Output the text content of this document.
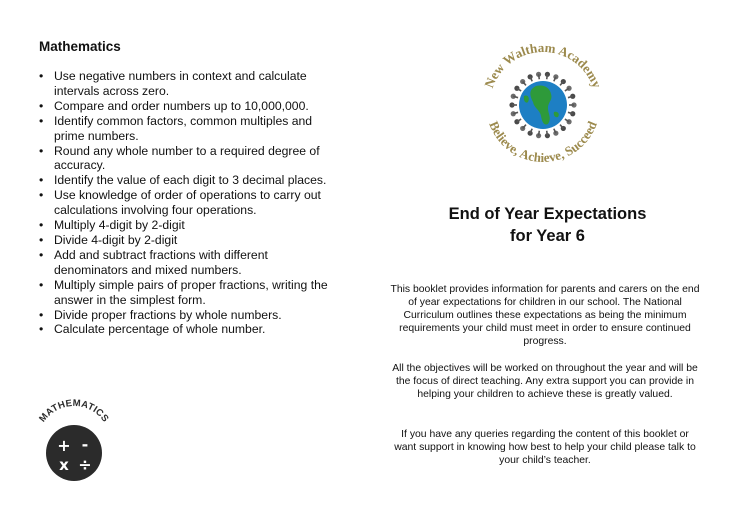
Mathematics
• Use negative numbers in context and calculate intervals across zero.
• Compare and order numbers up to 10,000,000.
• Identify common factors, common multiples and prime numbers.
• Round any whole number to a required degree of accuracy.
• Identify the value of each digit to 3 decimal places.
• Use knowledge of order of operations to carry out calculations involving four operations.
• Multiply 4-digit by 2-digit
• Divide 4-digit by 2-digit
• Add and subtract fractions with different denominators and mixed numbers.
• Multiply simple pairs of proper fractions, writing the answer in the simplest form.
• Divide proper fractions by whole numbers.
• Calculate percentage of whole number.
MATHEMATICS
+ -
x ÷
New Waltham Academy
Believe, Achieve, Succeed
End of Year Expectations
for Year 6

This booklet provides information for parents and carers on the end of year expectations for children in our school. The National Curriculum outlines these expectations as being the minimum requirements your child must meet in order to ensure continued progress.

All the objectives will be worked on throughout the year and will be the focus of direct teaching. Any extra support you can provide in helping your children to achieve these is greatly valued.

If you have any queries regarding the content of this booklet or want support in knowing how best to help your child please talk to your child’s teacher.
